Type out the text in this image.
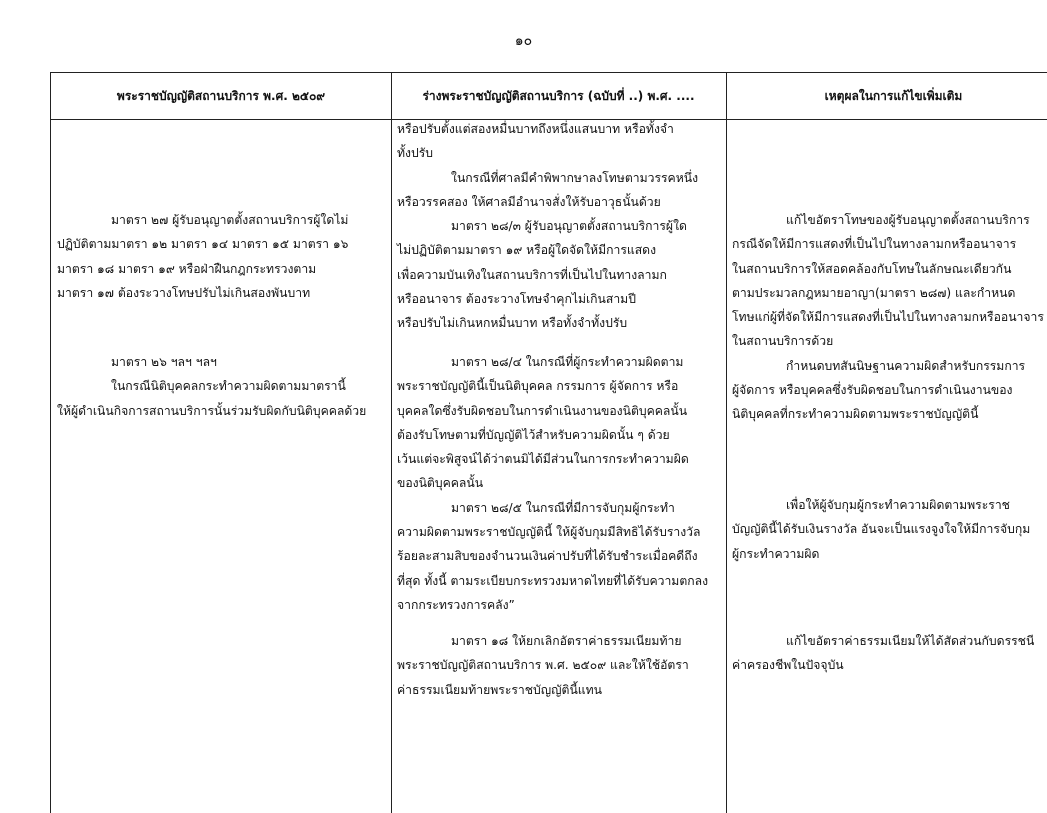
๑๐
พระราชบัญญัติสถานบริการ พ.ศ. ๒๕๐๙	ร่างพระราชบัญญัติสถานบริการ (ฉบับที่ ..) พ.ศ. ....	เหตุผลในการแก้ไขเพิ่มเติม

มาตรา ๒๗ ผู้รับอนุญาตตั้งสถานบริการผู้ใดไม่

ปฏิบัติตามมาตรา ๑๒ มาตรา ๑๔ มาตรา ๑๕ มาตรา ๑๖

มาตรา ๑๘ มาตรา ๑๙ หรือฝ่าฝืนกฎกระทรวงตาม

มาตรา ๑๗ ต้องระวางโทษปรับไม่เกินสองพันบาท

มาตรา ๒๖ ฯลฯ ฯลฯ

ในกรณีนิติบุคคลกระทำความผิดตามมาตรานี้

ให้ผู้ดำเนินกิจการสถานบริการนั้นร่วมรับผิดกับนิติบุคคลด้วย

หรือปรับตั้งแต่สองหมื่นบาทถึงหนึ่งแสนบาท หรือทั้งจำ

ทั้งปรับ

ในกรณีที่ศาลมีคำพิพากษาลงโทษตามวรรคหนึ่ง

หรือวรรคสอง ให้ศาลมีอำนาจสั่งให้รับอาวุธนั้นด้วย

มาตรา ๒๘/๓ ผู้รับอนุญาตตั้งสถานบริการผู้ใด

ไม่ปฏิบัติตามมาตรา ๑๙ หรือผู้ใดจัดให้มีการแสดง

เพื่อความบันเทิงในสถานบริการที่เป็นไปในทางลามก

หรืออนาจาร ต้องระวางโทษจำคุกไม่เกินสามปี

หรือปรับไม่เกินหกหมื่นบาท หรือทั้งจำทั้งปรับ

มาตรา ๒๘/๔ ในกรณีที่ผู้กระทำความผิดตาม

พระราชบัญญัตินี้เป็นนิติบุคคล กรรมการ ผู้จัดการ หรือ

บุคคลใดซึ่งรับผิดชอบในการดำเนินงานของนิติบุคคลนั้น

ต้องรับโทษตามที่บัญญัติไว้สำหรับความผิดนั้น ๆ ด้วย

เว้นแต่จะพิสูจน์ได้ว่าตนมิได้มีส่วนในการกระทำความผิด

ของนิติบุคคลนั้น

มาตรา ๒๘/๕ ในกรณีที่มีการจับกุมผู้กระทำ

ความผิดตามพระราชบัญญัตินี้ ให้ผู้จับกุมมีสิทธิได้รับรางวัล

ร้อยละสามสิบของจำนวนเงินค่าปรับที่ได้รับชำระเมื่อคดีถึง

ที่สุด ทั้งนี้ ตามระเบียบกระทรวงมหาดไทยที่ได้รับความตกลง

จากกระทรวงการคลัง”

มาตรา ๑๘ ให้ยกเลิกอัตราค่าธรรมเนียมท้าย

พระราชบัญญัติสถานบริการ พ.ศ. ๒๕๐๙ และให้ใช้อัตรา

ค่าธรรมเนียมท้ายพระราชบัญญัตินี้แทน

แก้ไขอัตราโทษของผู้รับอนุญาตตั้งสถานบริการ

กรณีจัดให้มีการแสดงที่เป็นไปในทางลามกหรืออนาจาร

ในสถานบริการให้สอดคล้องกับโทษในลักษณะเดียวกัน

ตามประมวลกฎหมายอาญา(มาตรา ๒๘๗) และกำหนด

โทษแก่ผู้ที่จัดให้มีการแสดงที่เป็นไปในทางลามกหรืออนาจาร

ในสถานบริการด้วย

กำหนดบทสันนิษฐานความผิดสำหรับกรรมการ

ผู้จัดการ หรือบุคคลซึ่งรับผิดชอบในการดำเนินงานของ

นิติบุคคลที่กระทำความผิดตามพระราชบัญญัตินี้

เพื่อให้ผู้จับกุมผู้กระทำความผิดตามพระราช

บัญญัตินี้ได้รับเงินรางวัล อันจะเป็นแรงจูงใจให้มีการจับกุม

ผู้กระทำความผิด

แก้ไขอัตราค่าธรรมเนียมให้ได้สัดส่วนกับดรรชนี

ค่าครองชีพในปัจจุบัน
